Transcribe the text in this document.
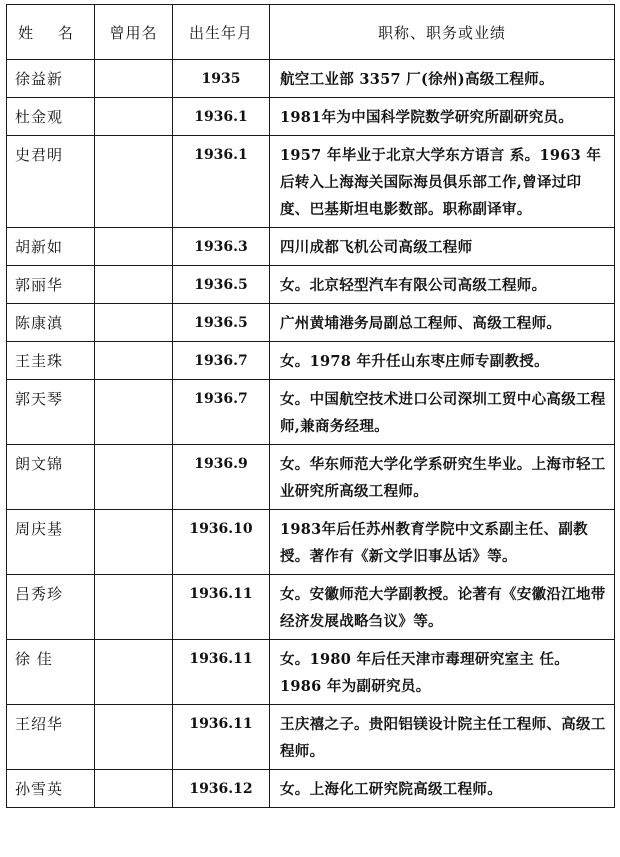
姓 名	曾用名	出生年月	职称、职务或业绩
徐益新		1935	航空工业部 3357 厂(徐州)高级工程师。
杜金观		1936.1	1981年为中国科学院数学研究所副研究员。
史君明		1936.1	1957 年毕业于北京大学东方语言 系。1963 年后转入上海海关国际海员俱乐部工作,曾译过印度、巴基斯坦电影数部。职称副译审。
胡新如		1936.3	四川成都飞机公司高级工程师
郭丽华		1936.5	女。北京轻型汽车有限公司高级工程师。
陈康滇		1936.5	广州黄埔港务局副总工程师、高级工程师。
王圭珠		1936.7	女。1978 年升任山东枣庄师专副教授。
郭天琴		1936.7	女。中国航空技术进口公司深圳工贸中心高级工程师,兼商务经理。
朗文锦		1936.9	女。华东师范大学化学系研究生毕业。上海市轻工业研究所高级工程师。
周庆基		1936.10	1983年后任苏州教育学院中文系副主任、副教授。著作有《新文学旧事丛话》等。
吕秀珍		1936.11	女。安徽师范大学副教授。论著有《安徽沿江地带经济发展战略刍议》等。
徐 佳		1936.11	女。1980 年后任天津市毒理研究室主 任。1986 年为副研究员。
王绍华		1936.11	王庆禧之子。贵阳铝镁设计院主任工程师、高级工程师。
孙雪英		1936.12	女。上海化工研究院高级工程师。
